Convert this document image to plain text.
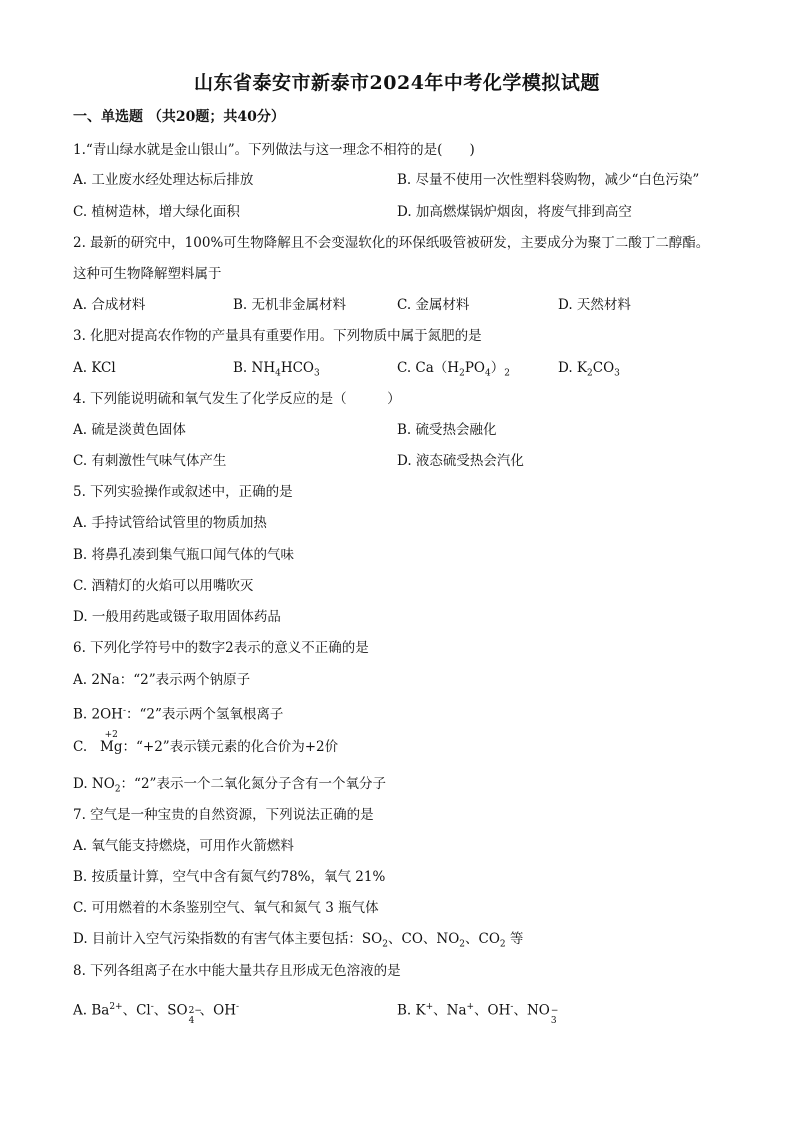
山东省泰安市新泰市2024年中考化学模拟试题
一、单选题 （共20题；共40分）
1.“青山绿水就是金山银山”。下列做法与这一理念不相符的是(　　)
A. 工业废水经处理达标后排放	B. 尽量不使用一次性塑料袋购物，减少“白色污染”
C. 植树造林，增大绿化面积	D. 加高燃煤锅炉烟囱，将废气排到高空
2. 最新的研究中，100%可生物降解且不会变湿软化的环保纸吸管被研发，主要成分为聚丁二酸丁二醇酯。
这种可生物降解塑料属于
A. 合成材料	B. 无机非金属材料	C. 金属材料	D. 天然材料
3. 化肥对提高农作物的产量具有重要作用。下列物质中属于氮肥的是
A. KCl	B. $NH_4HCO_3$	C. $Ca(H_2PO_4)_2$	D. $K_2CO_3$
4. 下列能说明硫和氧气发生了化学反应的是（　　　）
A. 硫是淡黄色固体	B. 硫受热会融化
C. 有刺激性气味气体产生	D. 液态硫受热会汽化
5. 下列实验操作或叙述中，正确的是
A. 手持试管给试管里的物质加热
B. 将鼻孔凑到集气瓶口闻气体的气味
C. 酒精灯的火焰可以用嘴吹灭
D. 一般用药匙或镊子取用固体药品
6. 下列化学符号中的数字2表示的意义不正确的是
A. 2Na：“2”表示两个钠原子
B. 2OH-：“2”表示两个氢氧根离子
C.
+2
Mg：“+2”表示镁元素的化合价为+2价
D. $NO_2$：“2”表示一个二氧化氮分子含有一个氧分子
7. 空气是一种宝贵的自然资源，下列说法正确的是
A. 氧气能支持燃烧，可用作火箭燃料
B. 按质量计算，空气中含有氮气约78%，氧气 21%
C. 可用燃着的木条鉴别空气、氧气和氮气 3 瓶气体
D. 目前计入空气污染指数的有害气体主要包括：$SO_2$、CO、$NO_2$、$CO_2$ 等
8. 下列各组离子在水中能大量共存且形成无色溶液的是
A. $Ba^{2+}$、Cl-、SO 2−
4
、OH-	B. K+、Na+、OH-、NO −
3
